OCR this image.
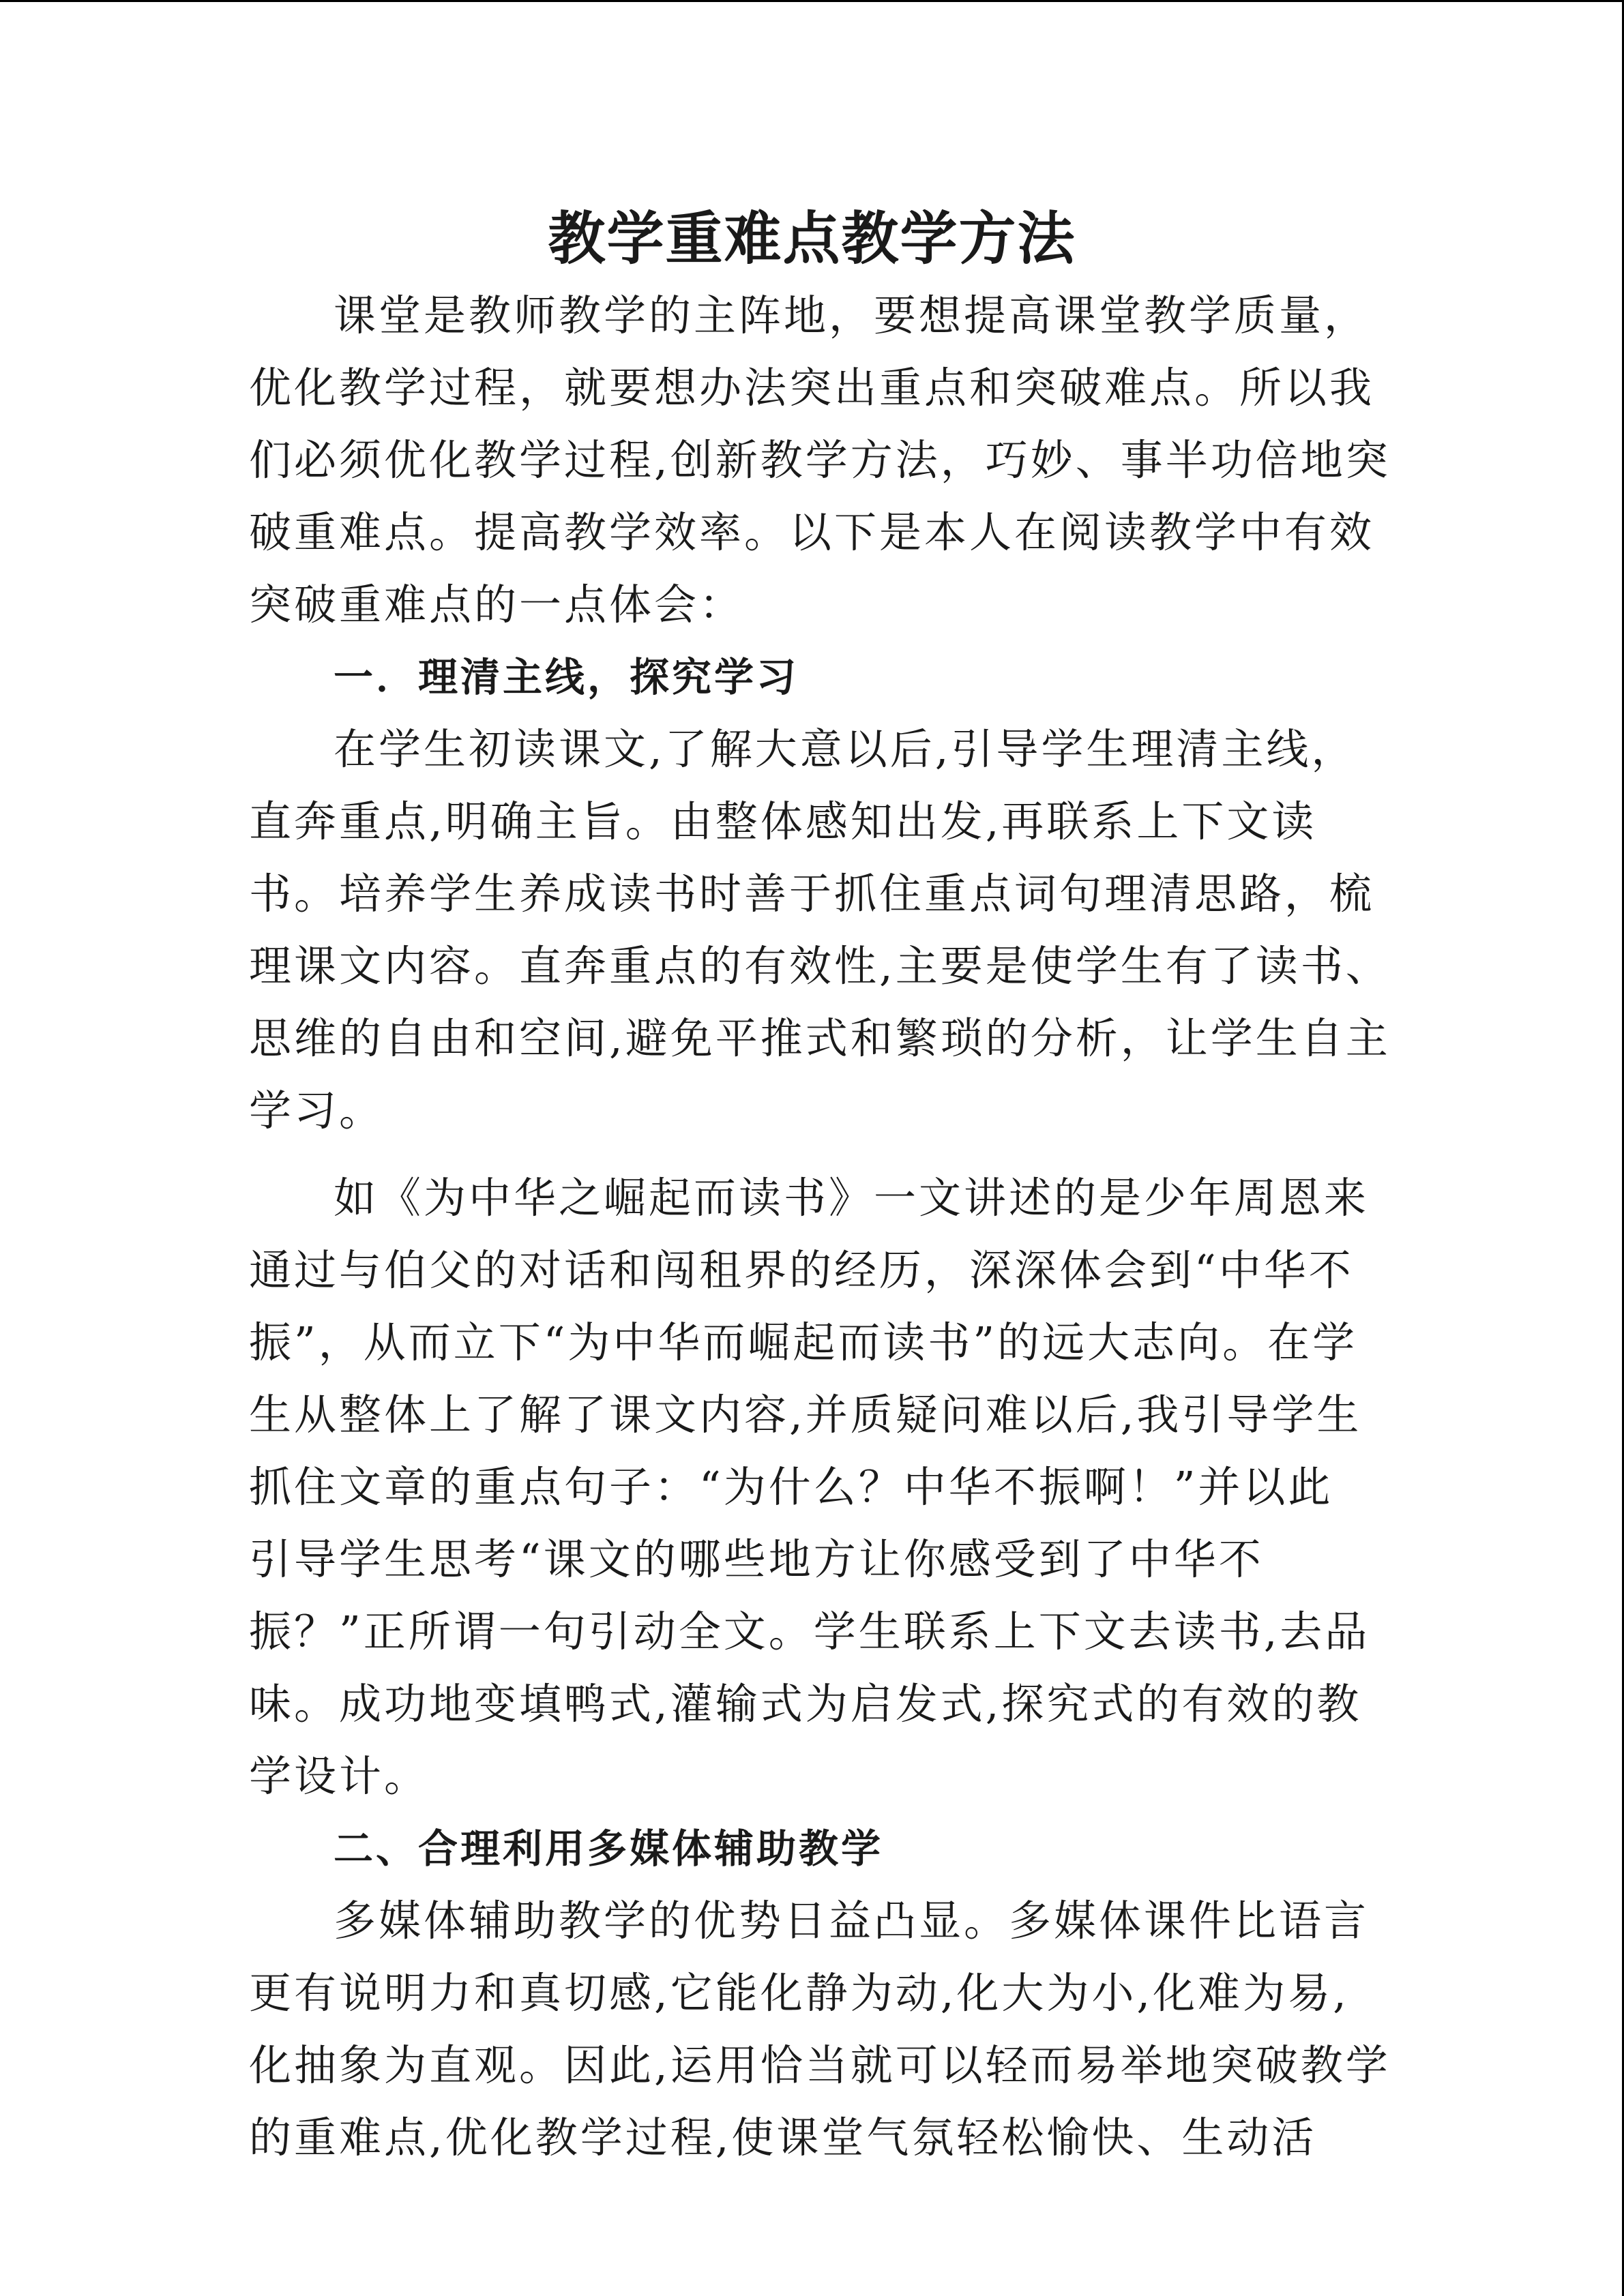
教学重难点教学方法
课堂是教师教学的主阵地，要想提高课堂教学质量，
优化教学过程，就要想办法突出重点和突破难点。所以我
们必须优化教学过程,创新教学方法，巧妙、事半功倍地突
破重难点。提高教学效率。以下是本人在阅读教学中有效
突破重难点的一点体会：
一．理清主线，探究学习
在学生初读课文,了解大意以后,引导学生理清主线，
直奔重点,明确主旨。由整体感知出发,再联系上下文读
书。培养学生养成读书时善于抓住重点词句理清思路，梳
理课文内容。直奔重点的有效性,主要是使学生有了读书、
思维的自由和空间,避免平推式和繁琐的分析，让学生自主
学习。
如《为中华之崛起而读书》一文讲述的是少年周恩来
通过与伯父的对话和闯租界的经历，深深体会到“中华不
振”，从而立下“为中华而崛起而读书”的远大志向。在学
生从整体上了解了课文内容,并质疑问难以后,我引导学生
抓住文章的重点句子：“为什么？中华不振啊！”并以此
引导学生思考“课文的哪些地方让你感受到了中华不
振？”正所谓一句引动全文。学生联系上下文去读书,去品
味。成功地变填鸭式,灌输式为启发式,探究式的有效的教
学设计。
二、合理利用多媒体辅助教学
多媒体辅助教学的优势日益凸显。多媒体课件比语言
更有说明力和真切感,它能化静为动,化大为小,化难为易,
化抽象为直观。因此,运用恰当就可以轻而易举地突破教学
的重难点,优化教学过程,使课堂气氛轻松愉快、生动活
